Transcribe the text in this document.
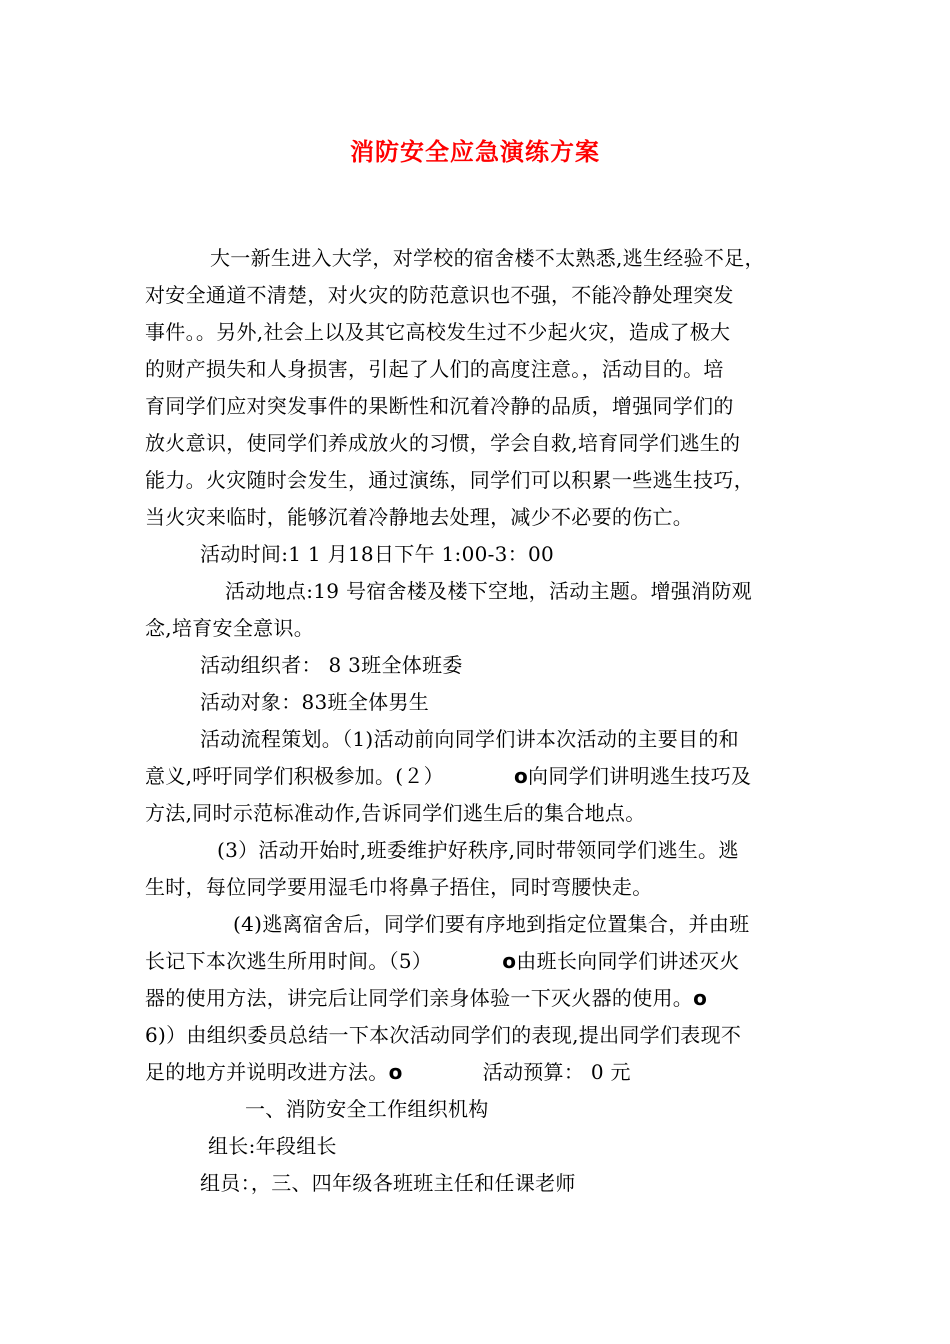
消防安全应急演练方案
大一新生进入大学，对学校的宿舍楼不太熟悉,逃生经验不足，
对安全通道不清楚，对火灾的防范意识也不强，不能冷静处理突发
事件。。另外,社会上以及其它高校发生过不少起火灾，造成了极大
的财产损失和人身损害，引起了人们的高度注意。，活动目的。培
育同学们应对突发事件的果断性和沉着冷静的品质，增强同学们的
放火意识，使同学们养成放火的习惯，学会自救,培育同学们逃生的
能力。火灾随时会发生，通过演练，同学们可以积累一些逃生技巧，
当火灾来临时，能够沉着冷静地去处理，减少不必要的伤亡。
活动时间:1 1 月18日下午 1:00-3：00
活动地点:19 号宿舍楼及楼下空地，活动主题。增强消防观
念,培育安全意识。
活动组织者： 8 3班全体班委
活动对象：83班全体男生
活动流程策划。（1)活动前向同学们讲本次活动的主要目的和
意义,呼吁同学们积极参加。(２）	o向同学们讲明逃生技巧及
方法,同时示范标准动作,告诉同学们逃生后的集合地点。
(3）活动开始时,班委维护好秩序,同时带领同学们逃生。逃
生时，每位同学要用湿毛巾将鼻子捂住，同时弯腰快走。
(4)逃离宿舍后，同学们要有序地到指定位置集合，并由班
长记下本次逃生所用时间。（5）	o由班长向同学们讲述灭火
器的使用方法，讲完后让同学们亲身体验一下灭火器的使用。o
6)）由组织委员总结一下本次活动同学们的表现,提出同学们表现不
足的地方并说明改进方法。o	活动预算： 0 元
一、消防安全工作组织机构
组长:年段组长
组员：，三、四年级各班班主任和任课老师
